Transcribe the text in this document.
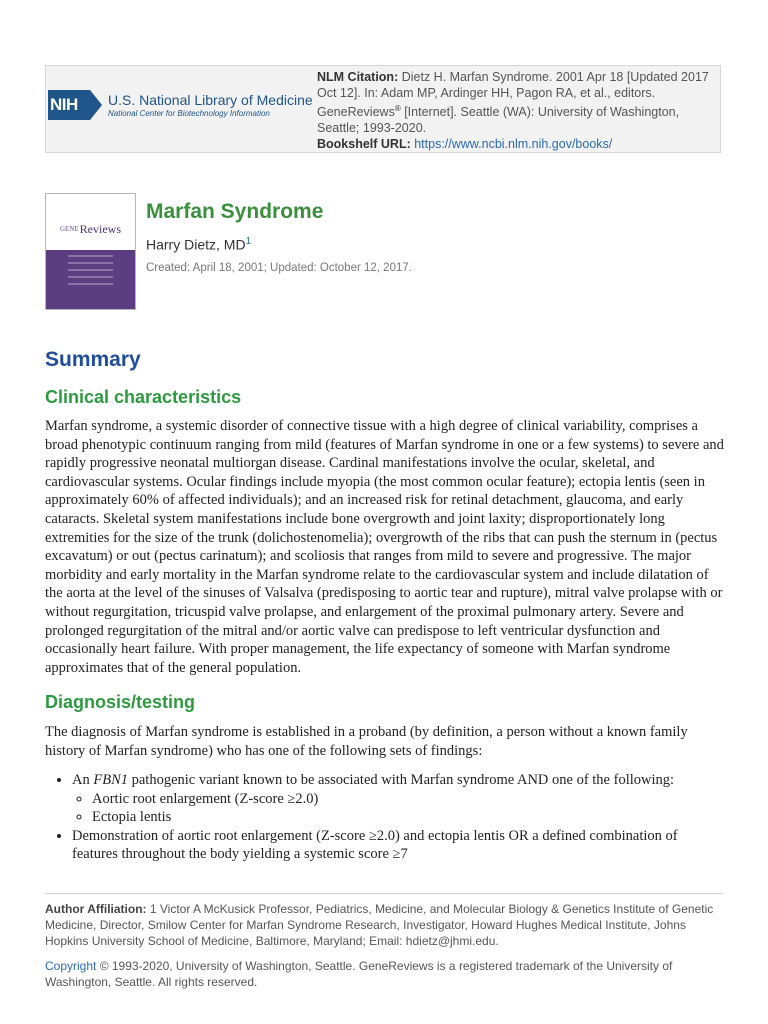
NIH	U.S. National Library of Medicine
National Center for Biotechnology Information
NLM Citation: Dietz H. Marfan Syndrome. 2001 Apr 18 [Updated 2017 Oct 12]. In: Adam MP, Ardinger HH, Pagon RA, et al., editors. GeneReviews® [Internet]. Seattle (WA): University of Washington, Seattle; 1993-2020.
Bookshelf URL: https://www.ncbi.nlm.nih.gov/books/
GENE Reviews
Marfan Syndrome
Harry Dietz, $MD^1$
Created: April 18, 2001; Updated: October 12, 2017.
Summary
Clinical characteristics

Marfan syndrome, a systemic disorder of connective tissue with a high degree of clinical variability, comprises a broad phenotypic continuum ranging from mild (features of Marfan syndrome in one or a few systems) to severe and rapidly progressive neonatal multiorgan disease. Cardinal manifestations involve the ocular, skeletal, and cardiovascular systems. Ocular findings include myopia (the most common ocular feature); ectopia lentis (seen in approximately 60% of affected individuals); and an increased risk for retinal detachment, glaucoma, and early cataracts. Skeletal system manifestations include bone overgrowth and joint laxity; disproportionately long extremities for the size of the trunk (dolichostenomelia); overgrowth of the ribs that can push the sternum in (pectus excavatum) or out (pectus carinatum); and scoliosis that ranges from mild to severe and progressive. The major morbidity and early mortality in the Marfan syndrome relate to the cardiovascular system and include dilatation of the aorta at the level of the sinuses of Valsalva (predisposing to aortic tear and rupture), mitral valve prolapse with or without regurgitation, tricuspid valve prolapse, and enlargement of the proximal pulmonary artery. Severe and prolonged regurgitation of the mitral and/or aortic valve can predispose to left ventricular dysfunction and occasionally heart failure. With proper management, the life expectancy of someone with Marfan syndrome approximates that of the general population.

Diagnosis/testing

The diagnosis of Marfan syndrome is established in a proband (by definition, a person without a known family history of Marfan syndrome) who has one of the following sets of findings:

• An FBN1 pathogenic variant known to be associated with Marfan syndrome AND one of the following:
◦ Aortic root enlargement (Z-score ≥2.0)
◦ Ectopia lentis
• Demonstration of aortic root enlargement (Z-score ≥2.0) and ectopia lentis OR a defined combination of features throughout the body yielding a systemic score ≥7

Author Affiliation: 1 Victor A McKusick Professor, Pediatrics, Medicine, and Molecular Biology & Genetics Institute of Genetic Medicine, Director, Smilow Center for Marfan Syndrome Research, Investigator, Howard Hughes Medical Institute, Johns Hopkins University School of Medicine, Baltimore, Maryland; Email: hdietz@jhmi.edu.

Copyright © 1993-2020, University of Washington, Seattle. GeneReviews is a registered trademark of the University of Washington, Seattle. All rights reserved.
